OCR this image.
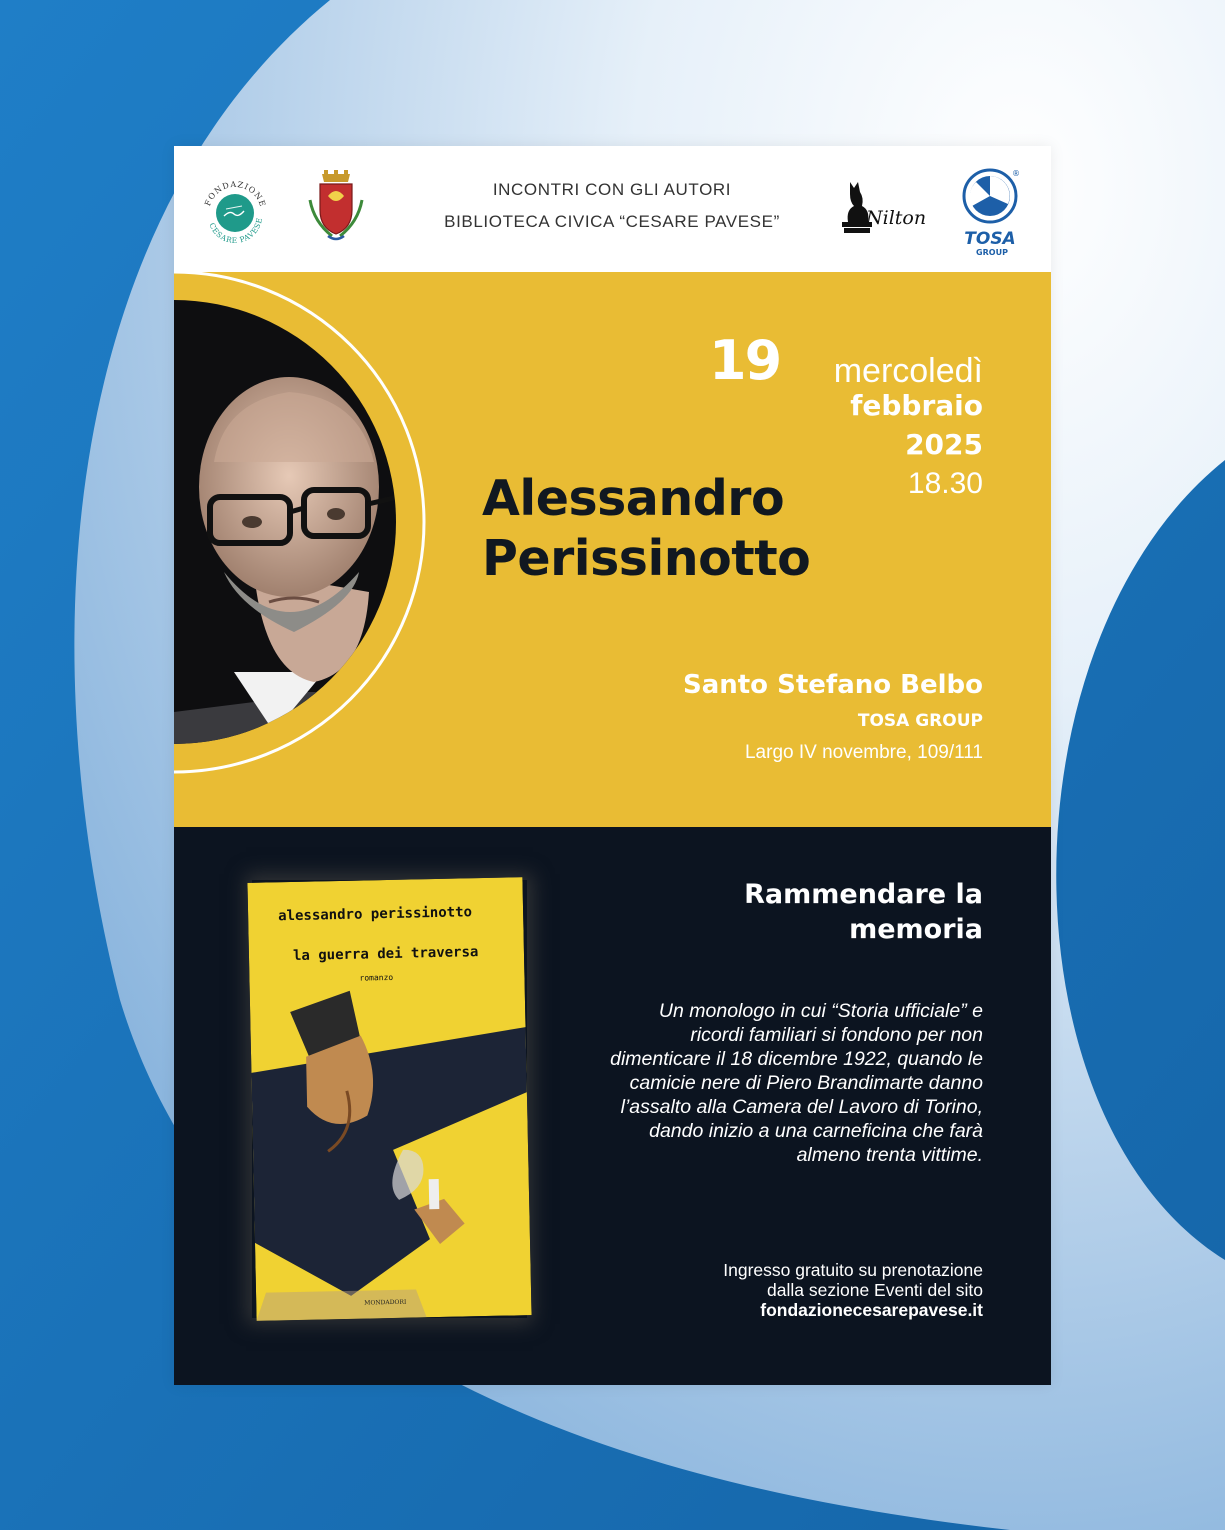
FONDAZIONE
CESARE PAVESE
INCONTRI CON GLI AUTORI
BIBLIOTECA CIVICA “CESARE PAVESE”	Nilton
®
TOSA
GROUP
19 mercoledì
febbraio
2025
18.30
Alessandro
Perissinotto
Santo Stefano Belbo
TOSA GROUP
Largo IV novembre, 109/111
alessandro perissinotto
la guerra dei traversa
romanzo
MONDADORI
Rammendare la
memoria

Un monologo in cui “Storia ufficiale” e ricordi familiari si fondono per non dimenticare il 18 dicembre 1922, quando le camicie nere di Piero Brandimarte danno l’assalto alla Camera del Lavoro di Torino, dando inizio a una carneficina che farà almeno trenta vittime.

Ingresso gratuito su prenotazione
dalla sezione Eventi del sito
fondazionecesarepavese.it
